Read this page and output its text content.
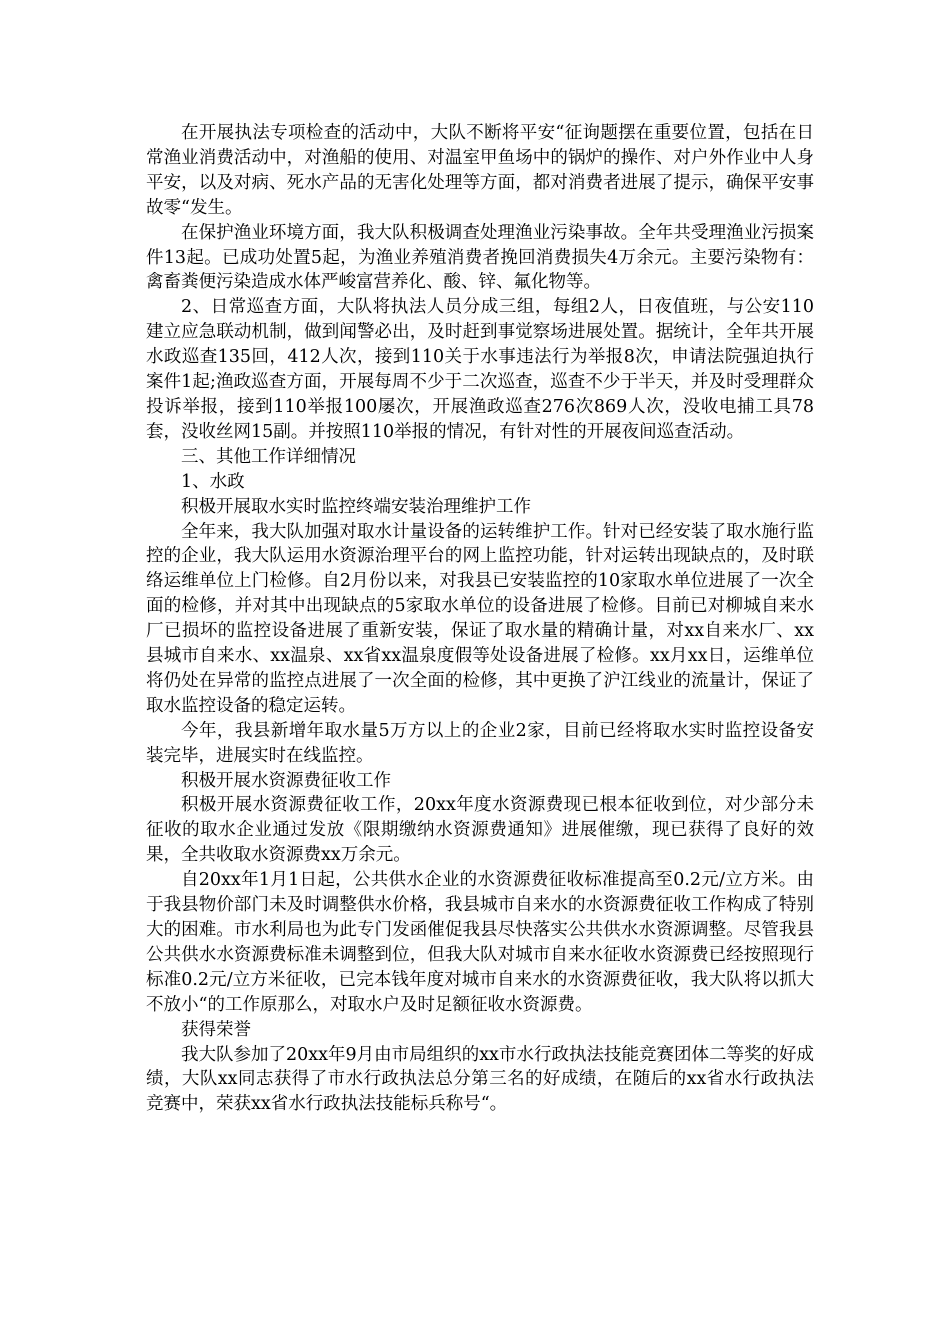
在开展执法专项检查的活动中，大队不断将平安“征询题摆在重要位置，包括在日常渔业消费活动中，对渔船的使用、对温室甲鱼场中的锅炉的操作、对户外作业中人身平安，以及对病、死水产品的无害化处理等方面，都对消费者进展了提示，确保平安事故零“发生。

在保护渔业环境方面，我大队积极调查处理渔业污染事故。全年共受理渔业污损案件13起。已成功处置5起，为渔业养殖消费者挽回消费损失4万余元。主要污染物有：禽畜粪便污染造成水体严峻富营养化、酸、锌、氟化物等。

2、日常巡查方面，大队将执法人员分成三组，每组2人，日夜值班，与公安110建立应急联动机制，做到闻警必出，及时赶到事觉察场进展处置。据统计，全年共开展水政巡查135回，412人次，接到110关于水事违法行为举报8次，申请法院强迫执行案件1起;渔政巡查方面，开展每周不少于二次巡查，巡查不少于半天，并及时受理群众投诉举报，接到110举报100屡次，开展渔政巡查276次869人次，没收电捕工具78套，没收丝网15副。并按照110举报的情况，有针对性的开展夜间巡查活动。

三、其他工作详细情况

1、水政

积极开展取水实时监控终端安装治理维护工作

全年来，我大队加强对取水计量设备的运转维护工作。针对已经安装了取水施行监控的企业，我大队运用水资源治理平台的网上监控功能，针对运转出现缺点的，及时联络运维单位上门检修。自2月份以来，对我县已安装监控的10家取水单位进展了一次全面的检修，并对其中出现缺点的5家取水单位的设备进展了检修。目前已对柳城自来水厂已损坏的监控设备进展了重新安装，保证了取水量的精确计量，对xx自来水厂、xx县城市自来水、xx温泉、xx省xx温泉度假等处设备进展了检修。xx月xx日，运维单位将仍处在异常的监控点进展了一次全面的检修，其中更换了沪江线业的流量计，保证了取水监控设备的稳定运转。

今年，我县新增年取水量5万方以上的企业2家，目前已经将取水实时监控设备安装完毕，进展实时在线监控。

积极开展水资源费征收工作

积极开展水资源费征收工作，20xx年度水资源费现已根本征收到位，对少部分未征收的取水企业通过发放《限期缴纳水资源费通知》进展催缴，现已获得了良好的效果，全共收取水资源费xx万余元。

自20xx年1月1日起，公共供水企业的水资源费征收标准提高至0.2元/立方米。由于我县物价部门未及时调整供水价格，我县城市自来水的水资源费征收工作构成了特别大的困难。市水利局也为此专门发函催促我县尽快落实公共供水水资源调整。尽管我县公共供水水资源费标准未调整到位，但我大队对城市自来水征收水资源费已经按照现行标准0.2元/立方米征收，已完本钱年度对城市自来水的水资源费征收，我大队将以抓大不放小“的工作原那么，对取水户及时足额征收水资源费。

获得荣誉

我大队参加了20xx年9月由市局组织的xx市水行政执法技能竞赛团体二等奖的好成绩，大队xx同志获得了市水行政执法总分第三名的好成绩，在随后的xx省水行政执法竞赛中，荣获xx省水行政执法技能标兵称号“。
